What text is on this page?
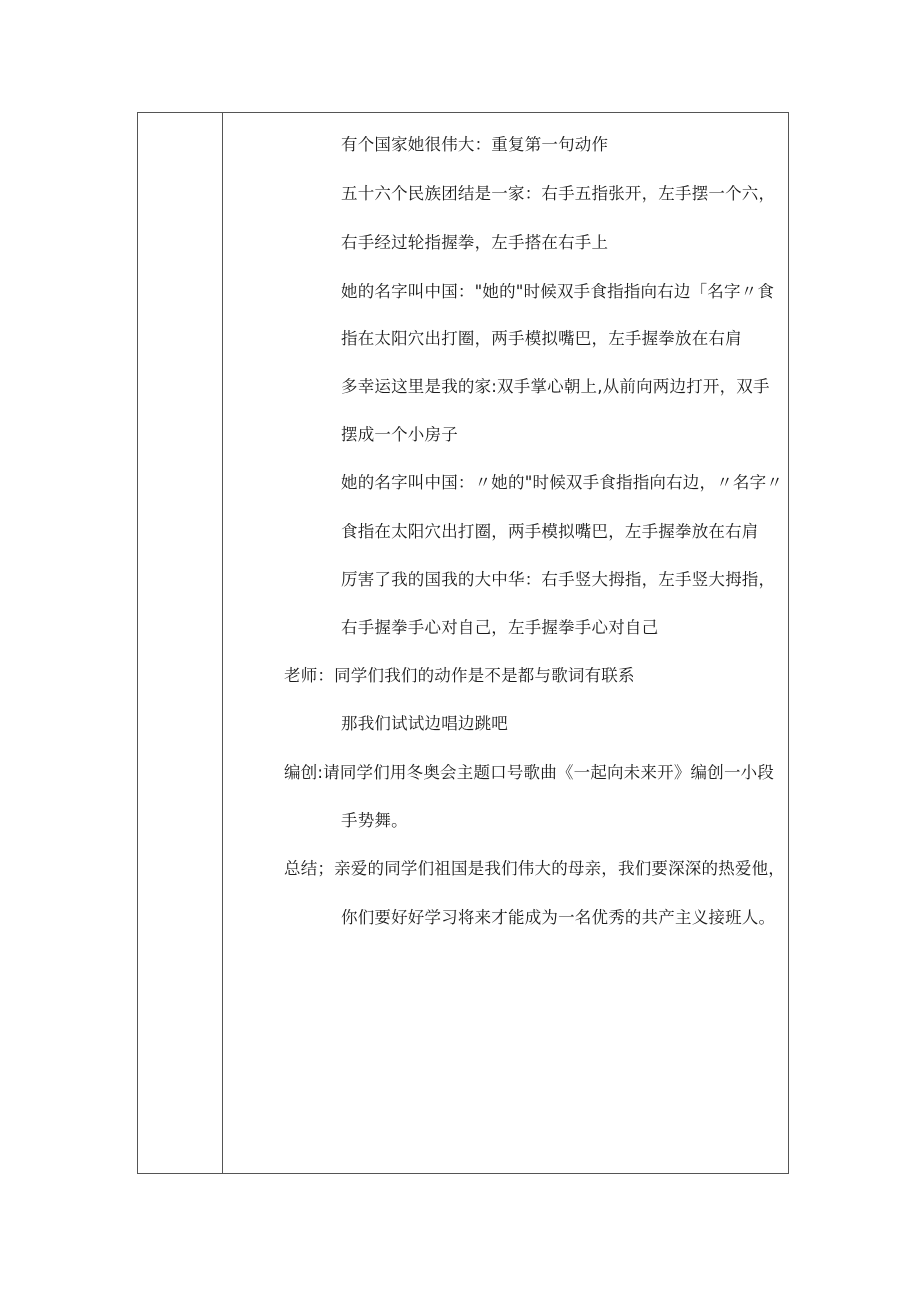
有个国家她很伟大：重复第一句动作
五十六个民族团结是一家：右手五指张开，左手摆一个六，
右手经过轮指握拳，左手搭在右手上
她的名字叫中国："她的"时候双手食指指向右边「名字〃食
指在太阳穴出打圈，两手模拟嘴巴，左手握拳放在右肩
多幸运这里是我的家:双手掌心朝上,从前向两边打开，双手
摆成一个小房子
她的名字叫中国：〃她的"时候双手食指指向右边，〃名字〃
食指在太阳穴出打圈，两手模拟嘴巴，左手握拳放在右肩
厉害了我的国我的大中华：右手竖大拇指，左手竖大拇指，
右手握拳手心对自己，左手握拳手心对自己
老师：同学们我们的动作是不是都与歌词有联系
那我们试试边唱边跳吧
编创:请同学们用冬奥会主题口号歌曲《一起向未来开》编创一小段
手势舞。
总结；亲爱的同学们祖国是我们伟大的母亲，我们要深深的热爱他，
你们要好好学习将来才能成为一名优秀的共产主义接班人。
